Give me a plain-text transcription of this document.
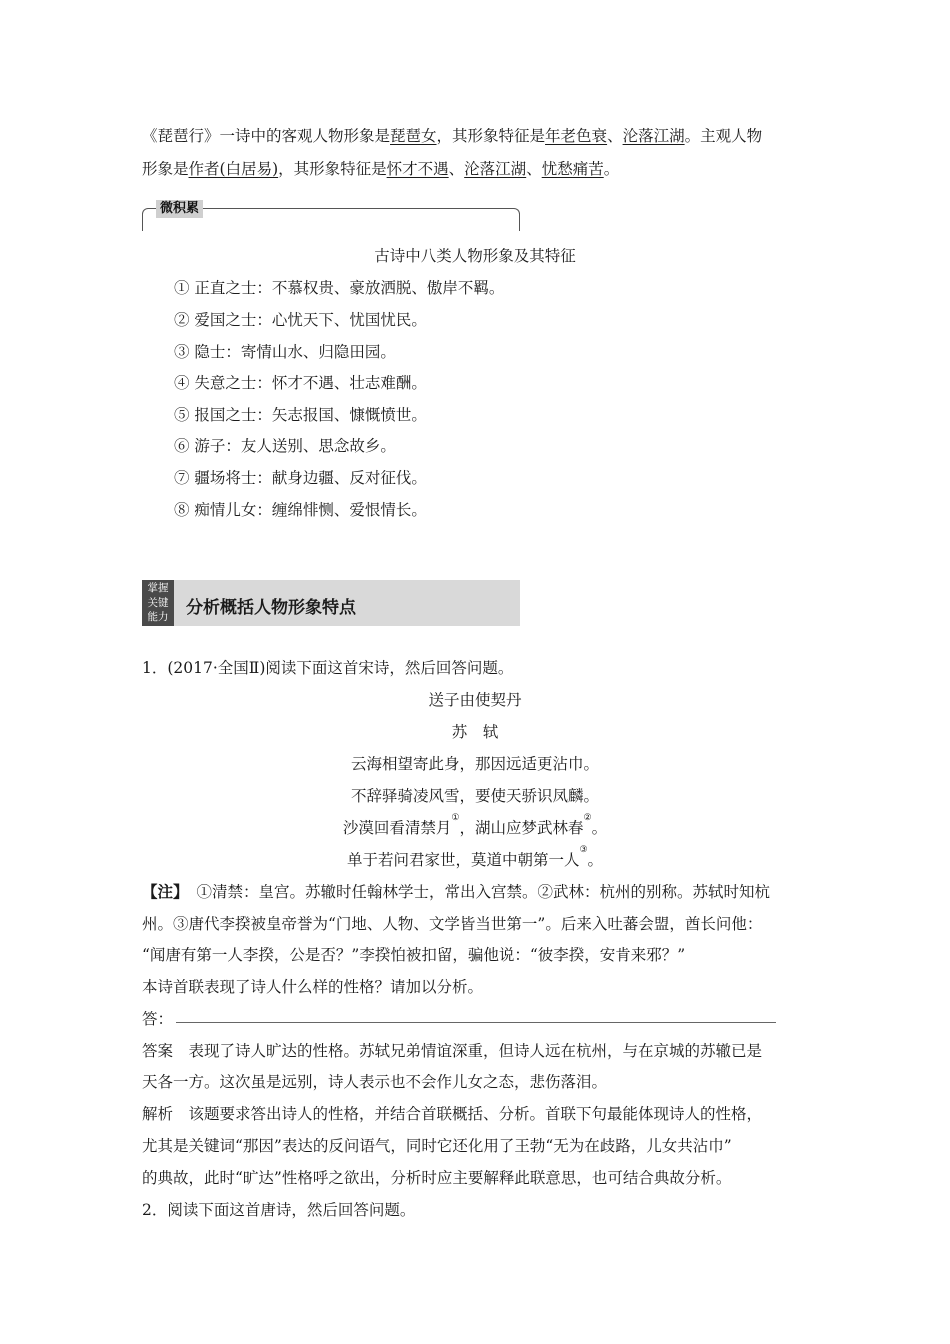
《琵琶行》一诗中的客观人物形象是琵琶女，其形象特征是年老色衰、沦落江湖。主观人物
形象是作者(白居易)，其形象特征是怀才不遇、沦落江湖、忧愁痛苦。
微积累
古诗中八类人物形象及其特征
① 正直之士：不慕权贵、豪放洒脱、傲岸不羁。
② 爱国之士：心忧天下、忧国忧民。
③ 隐士：寄情山水、归隐田园。
④ 失意之士：怀才不遇、壮志难酬。
⑤ 报国之士：矢志报国、慷慨愤世。
⑥ 游子：友人送别、思念故乡。
⑦ 疆场将士：献身边疆、反对征伐。
⑧ 痴情儿女：缠绵悱恻、爱恨情长。
掌握
关键
能力	分析概括人物形象特点
1．(2017·全国Ⅱ)阅读下面这首宋诗，然后回答问题。
送子由使契丹
苏　轼
云海相望寄此身，那因远适更沾巾。
不辞驿骑凌风雪，要使天骄识凤麟。
沙漠回看清禁月①，湖山应梦武林春②。
单于若问君家世，莫道中朝第一人③。
【注】 ①清禁：皇宫。苏辙时任翰林学士，常出入宫禁。②武林：杭州的别称。苏轼时知杭
州。③唐代李揆被皇帝誉为“门地、人物、文学皆当世第一”。后来入吐蕃会盟，酋长问他：
“闻唐有第一人李揆，公是否？”李揆怕被扣留，骗他说：“彼李揆，安肯来邪？”
本诗首联表现了诗人什么样的性格？请加以分析。
答：
答案　表现了诗人旷达的性格。苏轼兄弟情谊深重，但诗人远在杭州，与在京城的苏辙已是
天各一方。这次虽是远别，诗人表示也不会作儿女之态，悲伤落泪。
解析　该题要求答出诗人的性格，并结合首联概括、分析。首联下句最能体现诗人的性格，
尤其是关键词“那因”表达的反问语气，同时它还化用了王勃“无为在歧路，儿女共沾巾”
的典故，此时“旷达”性格呼之欲出，分析时应主要解释此联意思，也可结合典故分析。
2．阅读下面这首唐诗，然后回答问题。
